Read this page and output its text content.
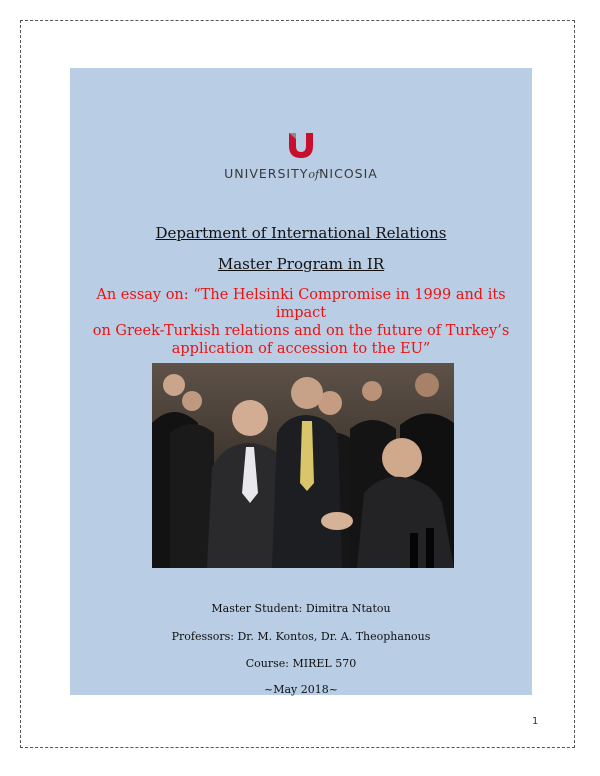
UNIVERSITYofNICOSIA
Department of International Relations
Master Program in IR
An essay on: “The Helsinki Compromise in 1999 and its impact
on Greek-Turkish relations and on the future of Turkey’s
application of accession to the EU”
Master Student: Dimitra Ntatou
Professors: Dr. M. Kontos, Dr. A. Theophanous
Course: MIREL 570
~May 2018~
1
